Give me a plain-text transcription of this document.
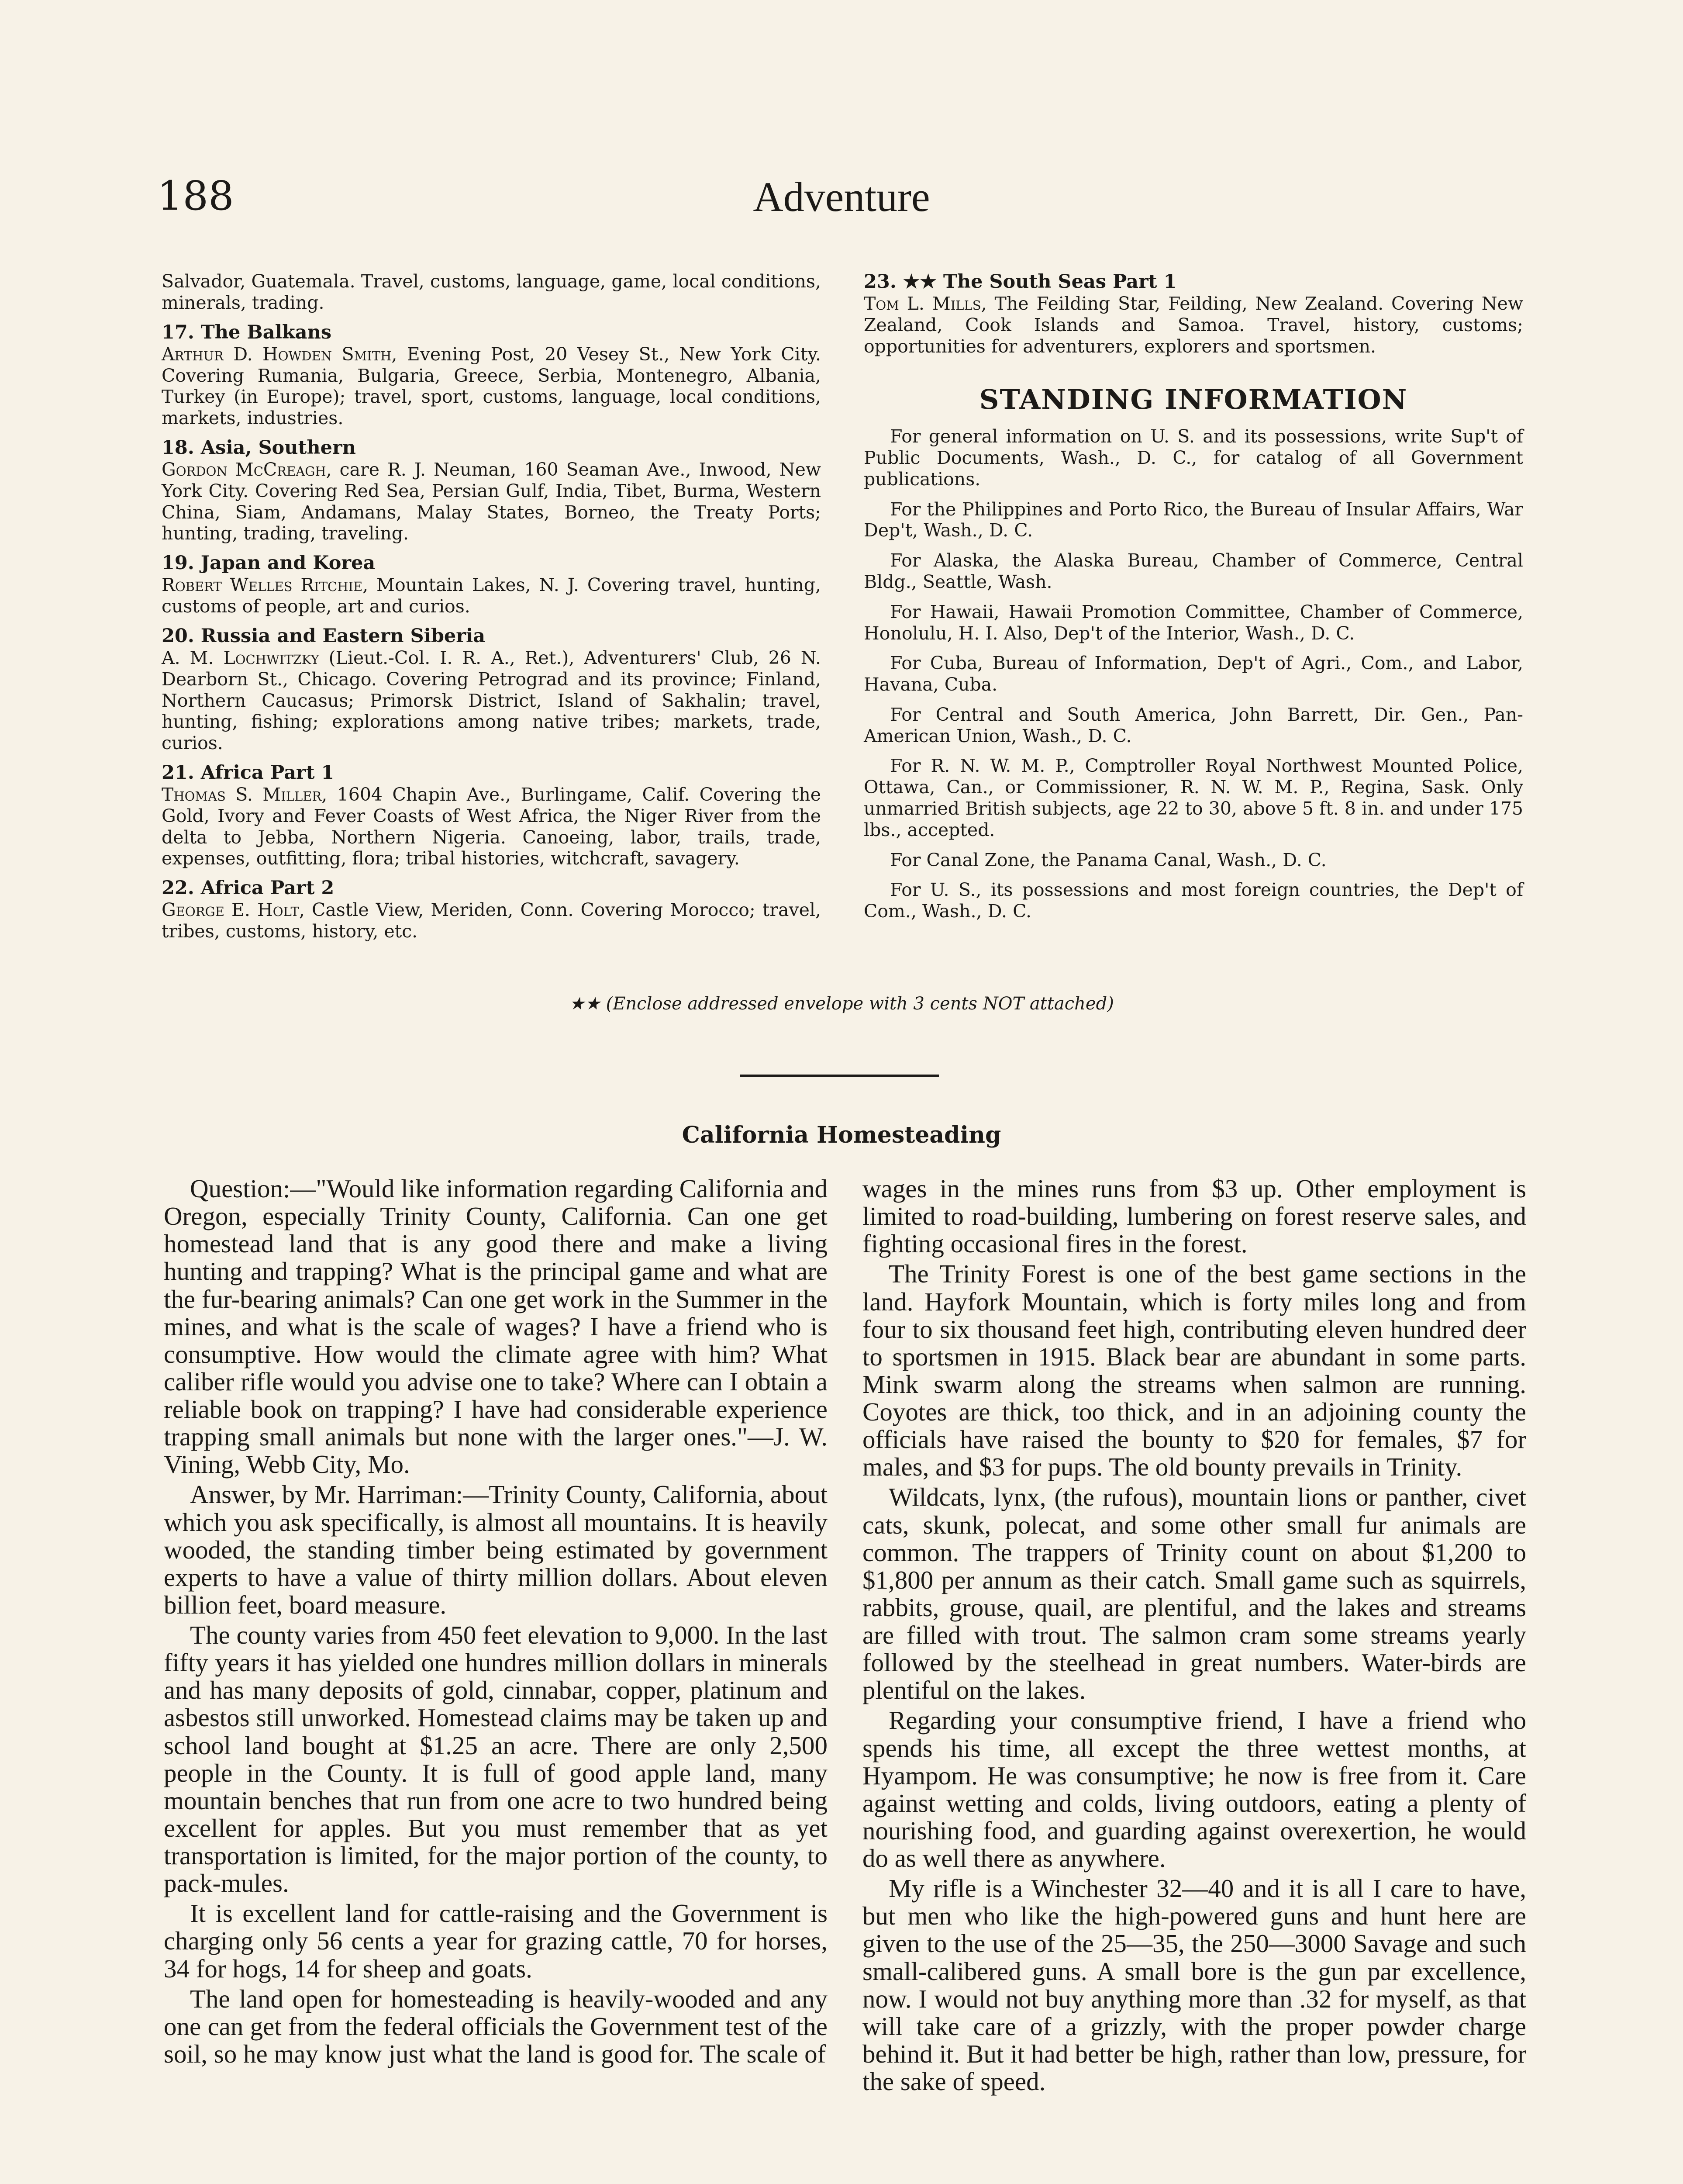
188	Adventure
Salvador, Guatemala. Travel, customs, language, game, local conditions, minerals, trading.
17. The Balkans
Arthur D. Howden Smith, Evening Post, 20 Vesey St., New York City. Covering Rumania, Bulgaria, Greece, Serbia, Montenegro, Albania, Turkey (in Europe); travel, sport, customs, language, local conditions, markets, industries.
18. Asia, Southern
Gordon McCreagh, care R. J. Neuman, 160 Seaman Ave., Inwood, New York City. Covering Red Sea, Persian Gulf, India, Tibet, Burma, Western China, Siam, Andamans, Malay States, Borneo, the Treaty Ports; hunting, trading, traveling.
19. Japan and Korea
Robert Welles Ritchie, Mountain Lakes, N. J. Covering travel, hunting, customs of people, art and curios.
20. Russia and Eastern Siberia
A. M. Lochwitzky (Lieut.-Col. I. R. A., Ret.), Adventurers' Club, 26 N. Dearborn St., Chicago. Covering Petrograd and its province; Finland, Northern Caucasus; Primorsk District, Island of Sakhalin; travel, hunting, fishing; explorations among native tribes; markets, trade, curios.
21. Africa Part 1
Thomas S. Miller, 1604 Chapin Ave., Burlingame, Calif. Covering the Gold, Ivory and Fever Coasts of West Africa, the Niger River from the delta to Jebba, Northern Nigeria. Canoeing, labor, trails, trade, expenses, outfitting, flora; tribal histories, witchcraft, savagery.
22. Africa Part 2
George E. Holt, Castle View, Meriden, Conn. Covering Morocco; travel, tribes, customs, history, etc.
23. ★★ The South Seas Part 1
Tom L. Mills, The Feilding Star, Feilding, New Zealand. Covering New Zealand, Cook Islands and Samoa. Travel, history, customs; opportunities for adventurers, explorers and sportsmen.
STANDING INFORMATION
For general information on U. S. and its possessions, write Sup't of Public Documents, Wash., D. C., for catalog of all Government publications.
For the Philippines and Porto Rico, the Bureau of Insular Affairs, War Dep't, Wash., D. C.
For Alaska, the Alaska Bureau, Chamber of Commerce, Central Bldg., Seattle, Wash.
For Hawaii, Hawaii Promotion Committee, Chamber of Commerce, Honolulu, H. I. Also, Dep't of the Interior, Wash., D. C.
For Cuba, Bureau of Information, Dep't of Agri., Com., and Labor, Havana, Cuba.
For Central and South America, John Barrett, Dir. Gen., Pan-American Union, Wash., D. C.
For R. N. W. M. P., Comptroller Royal Northwest Mounted Police, Ottawa, Can., or Commissioner, R. N. W. M. P., Regina, Sask. Only unmarried British subjects, age 22 to 30, above 5 ft. 8 in. and under 175 lbs., accepted.
For Canal Zone, the Panama Canal, Wash., D. C.
For U. S., its possessions and most foreign countries, the Dep't of Com., Wash., D. C.
★★ (Enclose addressed envelope with 3 cents NOT attached)
California Homesteading

Question:—"Would like information regarding California and Oregon, especially Trinity County, California. Can one get homestead land that is any good there and make a living hunting and trapping? What is the principal game and what are the fur-bearing animals? Can one get work in the Summer in the mines, and what is the scale of wages? I have a friend who is consumptive. How would the climate agree with him? What caliber rifle would you advise one to take? Where can I obtain a reliable book on trapping? I have had considerable experience trapping small animals but none with the larger ones."—J. W. Vining, Webb City, Mo.

Answer, by Mr. Harriman:—Trinity County, California, about which you ask specifically, is almost all mountains. It is heavily wooded, the standing timber being estimated by government experts to have a value of thirty million dollars. About eleven billion feet, board measure.

The county varies from 450 feet elevation to 9,000. In the last fifty years it has yielded one hundres million dollars in minerals and has many deposits of gold, cinnabar, copper, platinum and asbestos still unworked. Homestead claims may be taken up and school land bought at $1.25 an acre. There are only 2,500 people in the County. It is full of good apple land, many mountain benches that run from one acre to two hundred being excellent for apples. But you must remember that as yet transportation is limited, for the major portion of the county, to pack-mules.

It is excellent land for cattle-raising and the Government is charging only 56 cents a year for grazing cattle, 70 for horses, 34 for hogs, 14 for sheep and goats.

The land open for homesteading is heavily-wooded and any one can get from the federal officials the Government test of the soil, so he may know just what the land is good for. The scale of

wages in the mines runs from $3 up. Other employment is limited to road-building, lumbering on forest reserve sales, and fighting occasional fires in the forest.

The Trinity Forest is one of the best game sections in the land. Hayfork Mountain, which is forty miles long and from four to six thousand feet high, contributing eleven hundred deer to sportsmen in 1915. Black bear are abundant in some parts. Mink swarm along the streams when salmon are running. Coyotes are thick, too thick, and in an adjoining county the officials have raised the bounty to $20 for females, $7 for males, and $3 for pups. The old bounty prevails in Trinity.

Wildcats, lynx, (the rufous), mountain lions or panther, civet cats, skunk, polecat, and some other small fur animals are common. The trappers of Trinity count on about $1,200 to $1,800 per annum as their catch. Small game such as squirrels, rabbits, grouse, quail, are plentiful, and the lakes and streams are filled with trout. The salmon cram some streams yearly followed by the steelhead in great numbers. Water-birds are plentiful on the lakes.

Regarding your consumptive friend, I have a friend who spends his time, all except the three wettest months, at Hyampom. He was consumptive; he now is free from it. Care against wetting and colds, living outdoors, eating a plenty of nourishing food, and guarding against overexertion, he would do as well there as anywhere.

My rifle is a Winchester 32—40 and it is all I care to have, but men who like the high-powered guns and hunt here are given to the use of the 25—35, the 250—3000 Savage and such small-calibered guns. A small bore is the gun par excellence, now. I would not buy anything more than .32 for myself, as that will take care of a grizzly, with the proper powder charge behind it. But it had better be high, rather than low, pressure, for the sake of speed.
